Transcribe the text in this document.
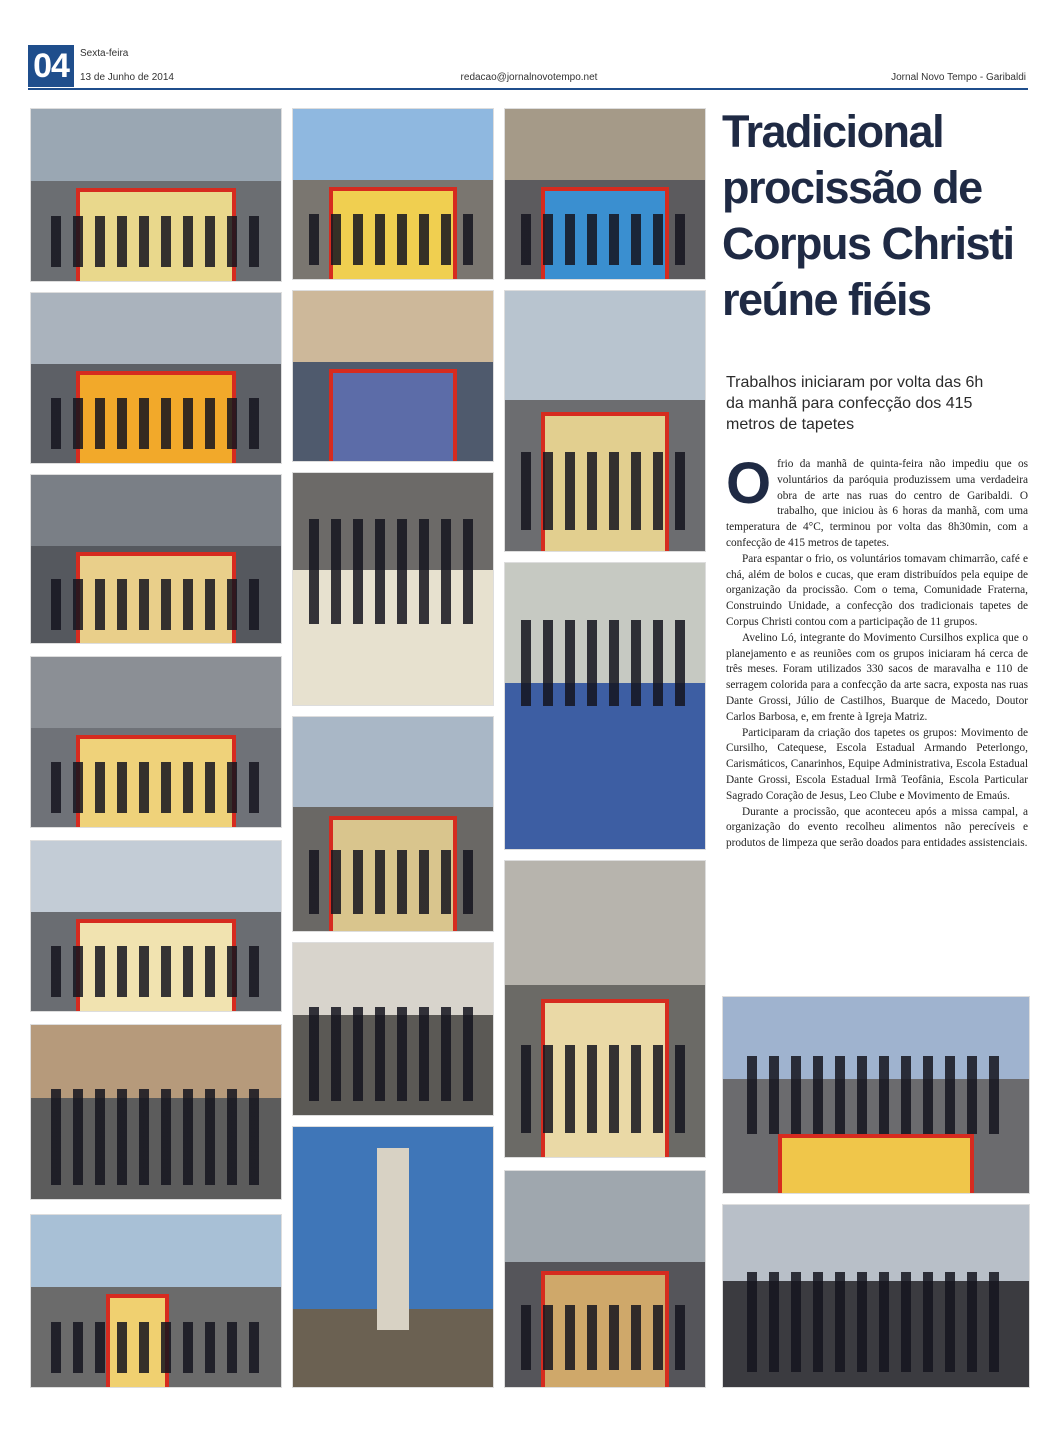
04	Sexta-feira
13 de Junho de 2014	redacao@jornalnovotempo.net	Jornal Novo Tempo - Garibaldi
Tradicional procissão de Corpus Christi reúne fiéis
Trabalhos iniciaram por volta das 6h da manhã para confecção dos 415 metros de tapetes

Ofrio da manhã de quinta-feira não impediu que os voluntários da paróquia produzissem uma verdadeira obra de arte nas ruas do centro de Garibaldi. O trabalho, que iniciou às 6 horas da manhã, com uma temperatura de 4°C, terminou por volta das 8h30min, com a confecção de 415 metros de tapetes.

Para espantar o frio, os voluntários tomavam chimarrão, café e chá, além de bolos e cucas, que eram distribuídos pela equipe de organização da procissão. Com o tema, Comunidade Fraterna, Construindo Unidade, a confecção dos tradicionais tapetes de Corpus Christi contou com a participação de 11 grupos.

Avelino Ló, integrante do Movimento Cursilhos explica que o planejamento e as reuniões com os grupos iniciaram há cerca de três meses. Foram utilizados 330 sacos de maravalha e 110 de serragem colorida para a confecção da arte sacra, exposta nas ruas Dante Grossi, Júlio de Castilhos, Buarque de Macedo, Doutor Carlos Barbosa, e, em frente à Igreja Matriz.

Participaram da criação dos tapetes os grupos: Movimento de Cursilho, Catequese, Escola Estadual Armando Peterlongo, Carismáticos, Canarinhos, Equipe Administrativa, Escola Estadual Dante Grossi, Escola Estadual Irmã Teofânia, Escola Particular Sagrado Coração de Jesus, Leo Clube e Movimento de Emaús.

Durante a procissão, que aconteceu após a missa campal, a organização do evento recolheu alimentos não perecíveis e produtos de limpeza que serão doados para entidades assistenciais.
